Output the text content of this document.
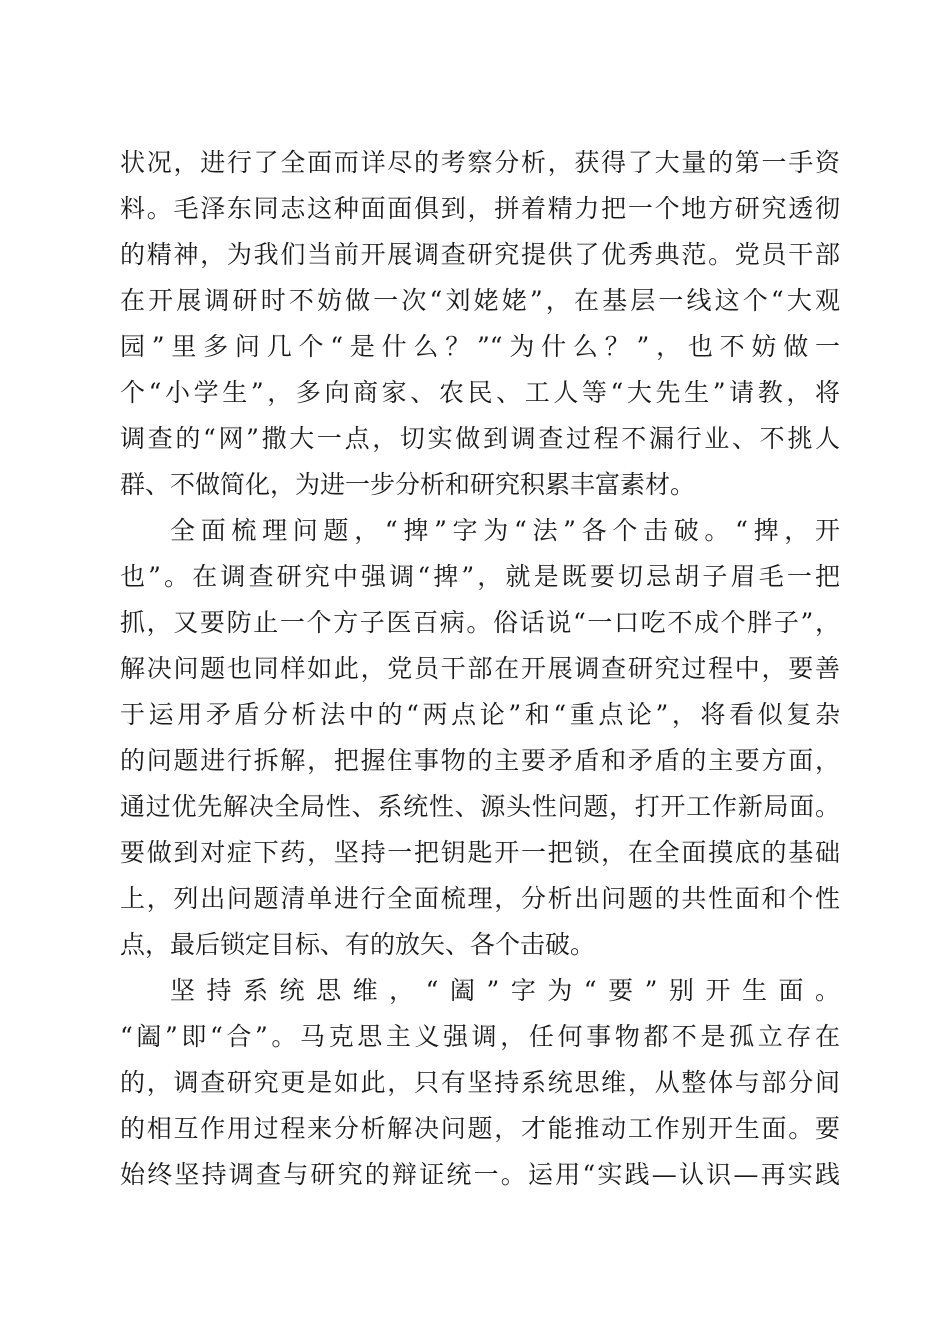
状况，进行了全面而详尽的考察分析，获得了大量的第一手资
料。毛泽东同志这种面面俱到，拼着精力把一个地方研究透彻
的精神，为我们当前开展调查研究提供了优秀典范。党员干部
在开展调研时不妨做一次“刘姥姥”，在基层一线这个“大观
园”里多问几个“是什么？”“为什么？”，也不妨做一
个“小学生”，多向商家、农民、工人等“大先生”请教，将
调查的“网”撒大一点，切实做到调查过程不漏行业、不挑人
群、不做简化，为进一步分析和研究积累丰富素材。
全面梳理问题，“捭”字为“法”各个击破。“捭，开
也”。在调查研究中强调“捭”，就是既要切忌胡子眉毛一把
抓，又要防止一个方子医百病。俗话说“一口吃不成个胖子”，
解决问题也同样如此，党员干部在开展调查研究过程中，要善
于运用矛盾分析法中的“两点论”和“重点论”，将看似复杂
的问题进行拆解，把握住事物的主要矛盾和矛盾的主要方面，
通过优先解决全局性、系统性、源头性问题，打开工作新局面。
要做到对症下药，坚持一把钥匙开一把锁，在全面摸底的基础
上，列出问题清单进行全面梳理，分析出问题的共性面和个性
点，最后锁定目标、有的放矢、各个击破。
坚持系统思维，“阖”字为“要”别开生面。
“阖”即“合”。马克思主义强调，任何事物都不是孤立存在
的，调查研究更是如此，只有坚持系统思维，从整体与部分间
的相互作用过程来分析解决问题，才能推动工作别开生面。要
始终坚持调查与研究的辩证统一。运用“实践—认识—再实践
